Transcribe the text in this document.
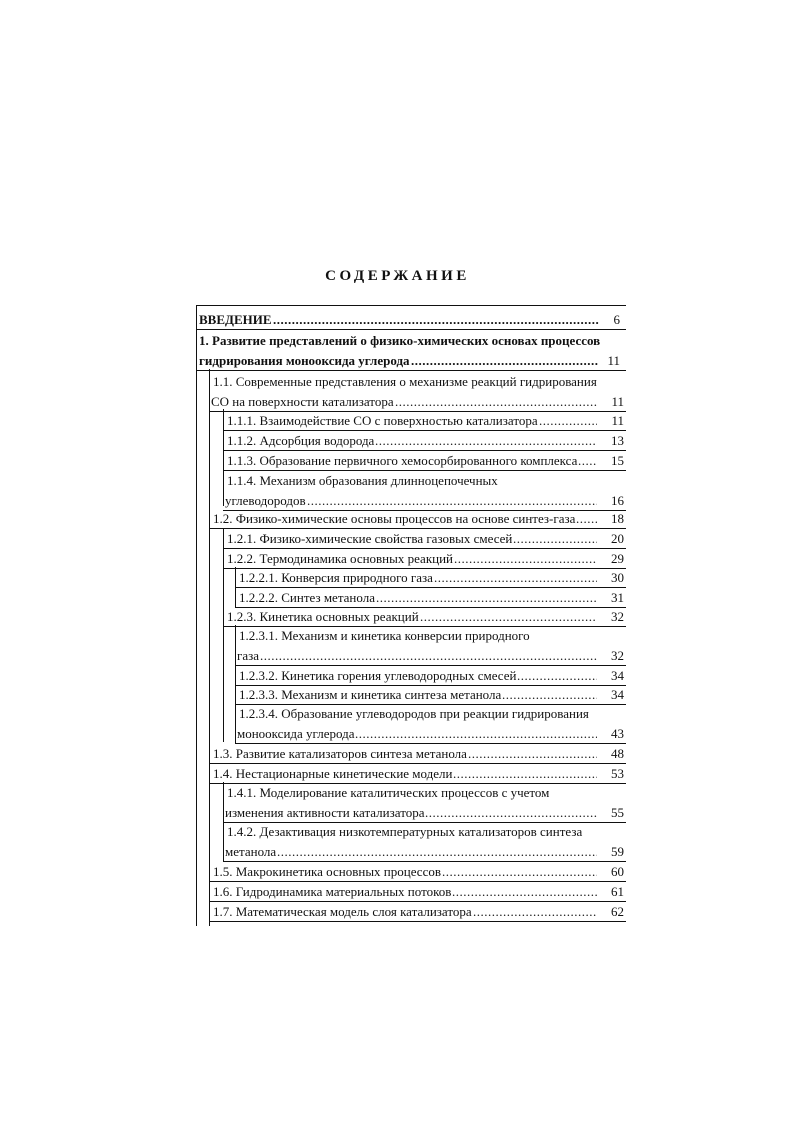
СОДЕРЖАНИЕ
ВВЕДЕНИЕ	6
1. Развитие представлений о физико-химических основах процессов
гидрирования монооксида углерода	11
1.1. Современные представления о механизме реакций гидрирования
СО на поверхности катализатора	11
1.1.1. Взаимодействие СО с поверхностью катализатора	11
1.1.2. Адсорбция водорода	13
1.1.3. Образование первичного хемосорбированного комплекса	15
1.1.4. Механизм образования длинноцепочечных
углеводородов	16
1.2. Физико-химические основы процессов на основе синтез-газа	18
1.2.1. Физико-химические свойства газовых смесей	20
1.2.2. Термодинамика основных реакций	29
1.2.2.1. Конверсия природного газа	30
1.2.2.2. Синтез метанола	31
1.2.3. Кинетика основных реакций	32
1.2.3.1. Механизм и кинетика конверсии природного
газа	32
1.2.3.2. Кинетика горения углеводородных смесей	34
1.2.3.3. Механизм и кинетика синтеза метанола	34
1.2.3.4. Образование углеводородов при реакции гидрирования
монооксида углерода	43
1.3. Развитие катализаторов синтеза метанола	48
1.4. Нестационарные кинетические модели	53
1.4.1. Моделирование каталитических процессов с учетом
изменения активности катализатора	55
1.4.2. Дезактивация низкотемпературных катализаторов синтеза
метанола	59
1.5. Макрокинетика основных процессов	60
1.6. Гидродинамика материальных потоков	61
1.7. Математическая модель слоя катализатора	62
.....
.....
.....
.....
.....
.....
.....
.....
.....
.....
.....
.....
.....
.....
.....
.....
.....
.....
.....
.....
.....
.....
.....
.....
